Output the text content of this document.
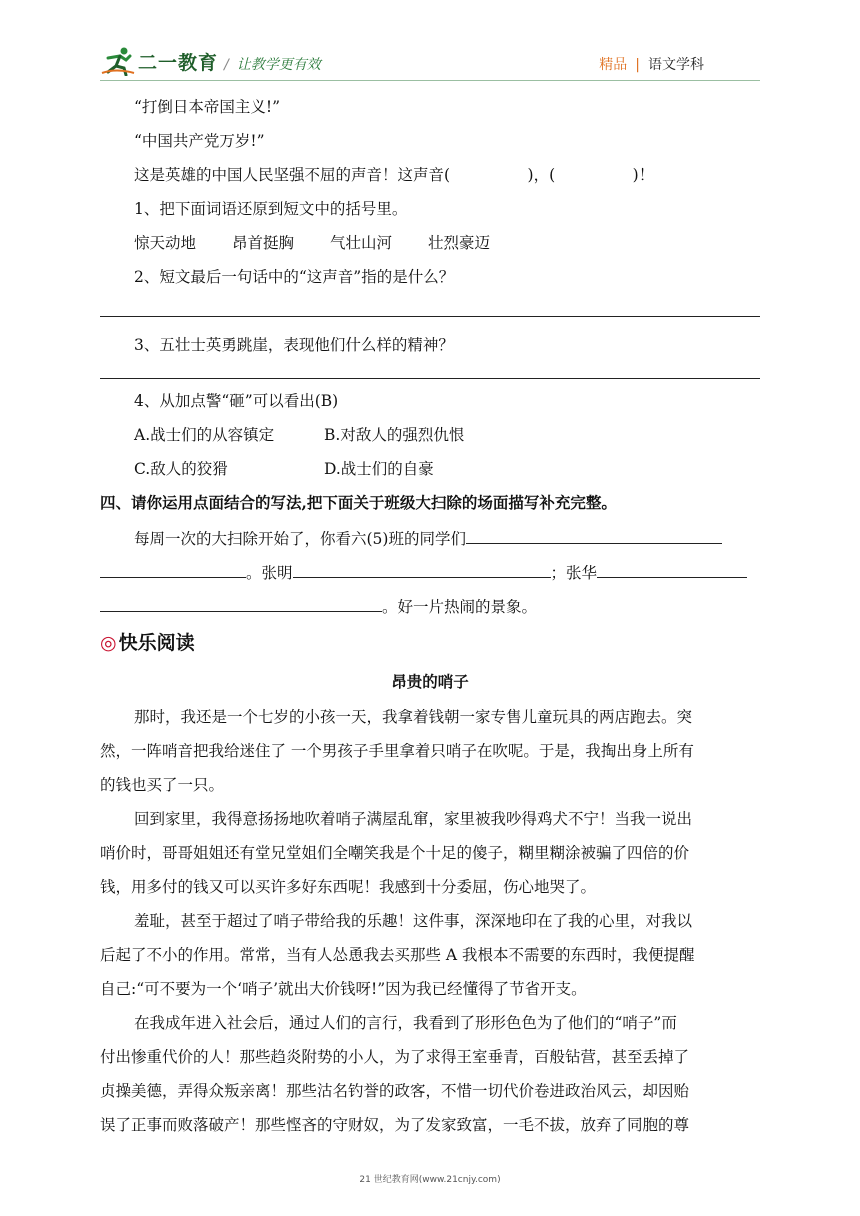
二一教育 / 让教学更有效	精品 | 语文学科
“打倒日本帝国主义!”
“中国共产党万岁!”
这是英雄的中国人民坚强不屈的声音！这声音(　　　　　)，(　　　　　)！
1、把下面词语还原到短文中的括号里。
惊天动地 昂首挺胸 气壮山河 壮烈豪迈
2、短文最后一句话中的“这声音”指的是什么？
3、五壮士英勇跳崖，表现他们什么样的精神？
4、从加点警“砸”可以看出(B)
A.战士们的从容镇定	B.对敌人的强烈仇恨
C.敌人的狡猾	D.战士们的自豪
四、请你运用点面结合的写法,把下面关于班级大扫除的场面描写补充完整。
每周一次的大扫除开始了，你看六(5)班的同学们
。张明	；张华
。好一片热闹的景象。
◎ 快乐阅读
昂贵的哨子
那时，我还是一个七岁的小孩一天，我拿着钱朝一家专售儿童玩具的两店跑去。突
然，一阵哨音把我给迷住了 一个男孩子手里拿着只哨子在吹呢。于是，我掏出身上所有
的钱也买了一只。
回到家里，我得意扬扬地吹着哨子满屋乱窜，家里被我吵得鸡犬不宁！当我一说出
哨价时，哥哥姐姐还有堂兄堂姐们全嘲笑我是个十足的傻子，糊里糊涂被骗了四倍的价
钱，用多付的钱又可以买许多好东西呢！我感到十分委屈，伤心地哭了。
羞耻，甚至于超过了哨子带给我的乐趣！这件事，深深地印在了我的心里，对我以
后起了不小的作用。常常，当有人怂恿我去买那些 A 我根本不需要的东西时，我便提醒
自己:“可不要为一个‘哨子’就出大价钱呀!”因为我已经懂得了节省开支。
在我成年进入社会后，通过人们的言行，我看到了形形色色为了他们的“哨子”而
付出惨重代价的人！那些趋炎附势的小人，为了求得王室垂青，百般钻营，甚至丢掉了
贞操美德，弄得众叛亲离！那些沽名钓誉的政客，不惜一切代价卷进政治风云，却因贻
误了正事而败落破产！那些悭吝的守财奴，为了发家致富，一毛不拔，放弃了同胞的尊
21 世纪教育网(www.21cnjy.com)
